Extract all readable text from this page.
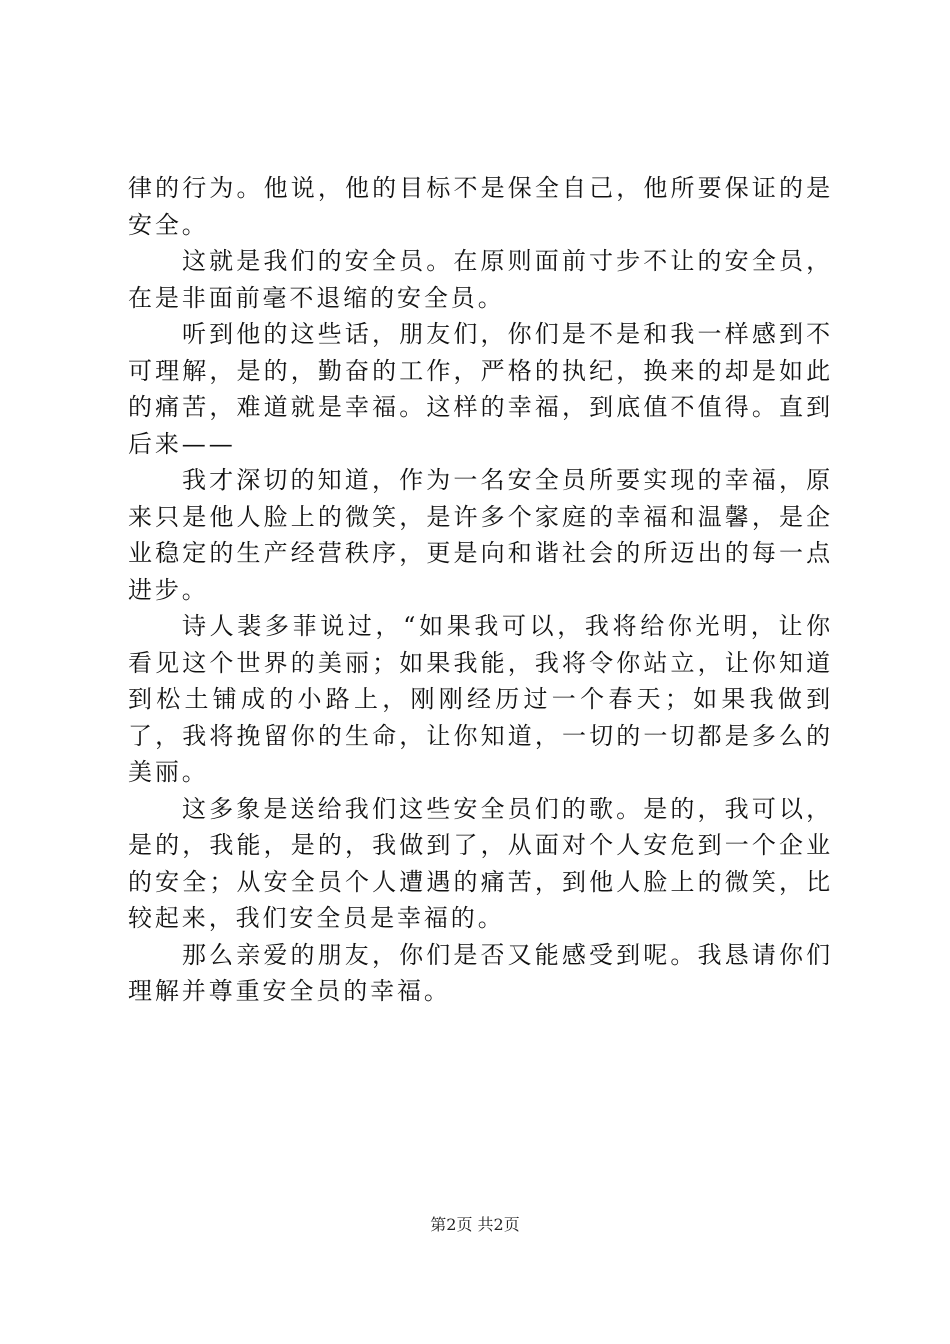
律的行为。他说，他的目标不是保全自己，他所要保证的是安全。

这就是我们的安全员。在原则面前寸步不让的安全员，在是非面前毫不退缩的安全员。

听到他的这些话，朋友们，你们是不是和我一样感到不可理解，是的，勤奋的工作，严格的执纪，换来的却是如此的痛苦，难道就是幸福。这样的幸福，到底值不值得。直到后来——

我才深切的知道，作为一名安全员所要实现的幸福，原来只是他人脸上的微笑，是许多个家庭的幸福和温馨，是企业稳定的生产经营秩序，更是向和谐社会的所迈出的每一点进步。

诗人裴多菲说过，“如果我可以，我将给你光明，让你看见这个世界的美丽；如果我能，我将令你站立，让你知道到松土铺成的小路上，刚刚经历过一个春天；如果我做到了，我将挽留你的生命，让你知道，一切的一切都是多么的美丽。

这多象是送给我们这些安全员们的歌。是的，我可以，是的，我能，是的，我做到了，从面对个人安危到一个企业的安全；从安全员个人遭遇的痛苦，到他人脸上的微笑，比较起来，我们安全员是幸福的。

那么亲爱的朋友，你们是否又能感受到呢。我恳请你们理解并尊重安全员的幸福。

第2页 共2页
